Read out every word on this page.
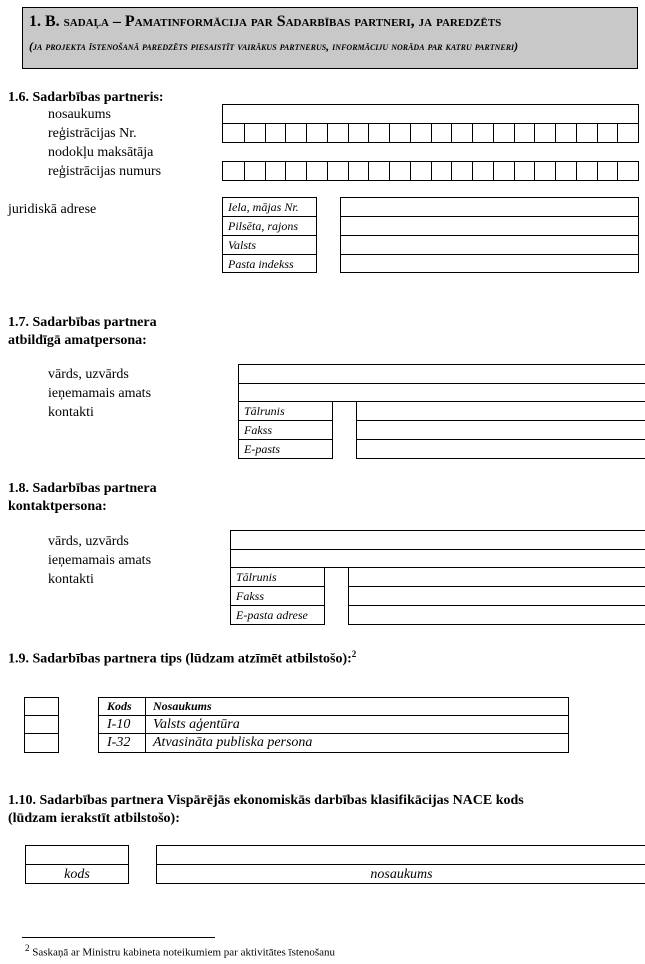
1. B. sadaļa – Pamatinformācija par Sadarbības partneri, ja paredzēts
(ja projekta īstenošanā paredzēts piesaistīt vairākus partnerus, informāciju norāda par katru partneri)
1.6. Sadarbības partneris:
nosaukums
reģistrācijas Nr.
nodokļu maksātāja
reģistrācijas numurs
juridiskā adrese	Iela, mājas Nr.
Pilsēta, rajons
Valsts
Pasta indekss
1.7. Sadarbības partnera
atbildīgā amatpersona:
vārds, uzvārds
ieņemamais amats
kontakti	Tālrunis
Fakss
E-pasts
1.8. Sadarbības partnera
kontaktpersona:
vārds, uzvārds
ieņemamais amats
kontakti	Tālrunis
Fakss
E-pasta adrese
1.9. Sadarbības partnera tips (lūdzam atzīmēt atbilstošo):$^2$
Kods Nosaukums
I-10 Valsts aģentūra
I-32 Atvasināta publiska persona
1.10. Sadarbības partnera Vispārējās ekonomiskās darbības klasifikācijas NACE kods
(lūdzam ierakstīt atbilstošo):
kods	nosaukums
$^2$ Saskaņā ar Ministru kabineta noteikumiem par aktivitātes īstenošanu
